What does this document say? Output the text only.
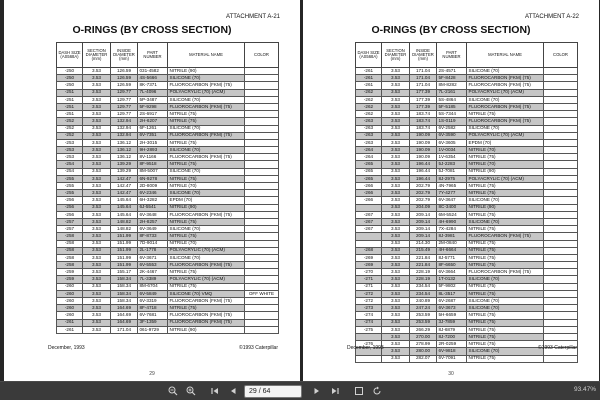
ATTACHMENT A-21
O-RINGS (BY CROSS SECTION)
DASH SIZE (AS568A)	SECTION DIAMETER (mm)	INSIDE DIAMETER (mm)	PART NUMBER	MATERIAL NAME	COLOR
-250	3.53	126.59	031-4582	NITRILE (90)	
-250	3.53	126.59	4S-5666	SILICONE (70)	
-250	3.53	126.59	8K-7371	FLUOROCARBON (FKM) (75)	
-251	3.53	129.77	7L-4096	POLYACRYLIC (70) (ACM)	
-251	3.53	129.77	5P-3487	SILICONE (70)	
-251	3.53	129.77	5F-9298	FLUOROCARBON (FKM) (75)	
-251	3.53	129.77	2S-6917	NITRILE (75)	
-252	3.53	132.94	2H-6207	NITRILE (75)	
-252	3.53	132.94	6F-1261	SILICONE (70)	
-252	3.53	132.94	6V-7351	FLUOROCARBON (FKM) (75)	
-253	3.53	136.12	2H-3015	NITRILE (75)	
-253	3.53	136.12	9H-2893	SILICONE (70)	
-253	3.53	136.12	8V-1166	FLUOROCARBON (FKM) (75)	
-254	3.53	139.29	8F-9518	NITRILE (75)	
-254	3.53	139.29	8M-5007	SILICONE (70)	
-255	3.53	142.47	6N-9278	NITRILE (75)	
-255	3.53	142.47	2D-8009	NITRILE (70)	
-255	3.53	142.47	6V-2346	SILICONE (70)	
-256	3.53	145.64	6H-3282	EPDM (70)	
-256	3.53	145.64	6J-5541	NITRILE (90)	
-256	3.53	145.64	6V-3648	FLUOROCARBON (FKM) (75)	
-257	3.53	148.82	2H-8257	NITRILE (75)	
-257	3.53	148.82	6V-3649	SILICONE (70)	
-258	3.53	151.99	8F-8733	NITRILE (75)	
-258	3.53	151.99	7D-9014	NITRILE (70)	
-258	3.53	151.99	2L-1778	POLYACRYLIC (70) (ACM)	
-258	3.53	151.99	6V-3671	SILICONE (70)	
-258	3.53	151.99	6V-5553	FLUOROCARBON (FKM) (75)	
-259	3.53	155.17	2K-4467	NITRILE (75)	
-259	3.53	158.34	7L-3389	POLYACRYLIC (70) (ACM)	
-260	3.53	158.34	8M-6704	NITRILE (75)	
-260	3.53	158.34	6V-5849	SILICONE (70) VMQ	OFF WHITE
-260	3.53	158.34	6V-3319	FLUOROCARBON (FKM) (75)	
-260	3.53	164.69	8F-4718	NITRILE (75)	
-260	3.53	164.69	6V-7681	FLUOROCARBON (FKM) (75)	
-261	3.53	164.69	3F-1359	FLUOROCARBON (FKM) (75)	
-261	3.53	171.04	061-9729	NITRILE (90)	
December, 1993	©1993 Caterpillar
29
ATTACHMENT A-22
O-RINGS (BY CROSS SECTION)
DASH SIZE (AS568A)	SECTION DIAMETER (mm)	INSIDE DIAMETER (mm)	PART NUMBER	MATERIAL NAME	COLOR
-261	3.53	171.04	2S-4571	SILICONE (70)	
-261	3.53	171.04	5F-8428	FLUOROCARBON (FKM) (75)	
-261	3.53	171.04	8M-8282	FLUOROCARBON (FKM) (75)	
-262	3.53	177.39	7L-2161	POLYACRYLIC (70) (ACM)	
-262	3.53	177.39	5S-4864	SILICONE (70)	
-262	3.53	177.39	5F-5185	FLUOROCARBON (FKM) (75)	
-262	3.53	183.74	5S-7344	NITRILE (75)	
-263	3.53	183.74	1S-0119	FLUOROCARBON (FKM) (75)	
-263	3.53	183.74	6V-2582	SILICONE (70)	
-263	3.53	190.09	6V-3590	POLYACRYLIC (70) (ACM)	
-263	3.53	190.09	6V-3605	EPDM (70)	
-264	3.53	190.09	1V-0034	NITRILE (70)	
-264	3.53	190.09	1V-6354	NITRILE (75)	
-265	3.53	196.44	5J-2283	NITRILE (70)	
-265	3.53	196.44	5J-7081	NITRILE (90)	
-265	3.53	196.44	8J-2975	POLYACRYLIC (70) (ACM)	
-266	3.53	202.79	4N-7965	NITRILE (75)	
-266	3.53	202.79	7Y-4277	NITRILE (75)	
-266	3.53	202.79	6V-3647	SILICONE (70)	
	3.53	204.09	8C-3400	NITRILE (90)	
-267	3.53	209.14	6M-5524	NITRILE (75)	
-267	3.53	209.14	4H-6990	SILICONE (70)	
-267	3.53	209.14	7X-4284	NITRILE (75)	
	3.53	209.14	8J-3981	FLUOROCARBON (FKM) (75)	
	3.53	214.30	2M-0840	NITRILE (75)	
-268	3.53	215.49	4H-6664	NITRILE (75)	
-269	3.53	221.84	8J-5771	NITRILE (75)	
-269	3.53	221.84	8F-6650	NITRILE (75)	
-270	3.53	228.19	6V-3664	FLUOROCARBON (FKM) (75)	
-271	3.53	228.19	1T-0132	SILICONE (70)	
-271	3.53	234.54	5F-9802	NITRILE (75)	
-272	3.53	234.54	8L-3517	NITRILE (75)	
-272	3.53	240.89	6V-2687	SILICONE (70)	
-273	3.53	247.24	6V-3673	SILICONE (70)	
-274	3.53	253.59	5H-6659	NITRILE (75)	
-274	3.53	253.59	3J-7859	NITRILE (75)	
-275	3.53	266.29	8J-6879	NITRILE (75)	
	3.53	270.00	8J-7200	NITRILE (75)	
-276	3.53	278.99	2R-0259	NITRILE (75)	
	3.53	280.00	6V-9818	SILICONE (70)	
	3.53	282.07	6V-7091	NITRILE (75)	
December, 1993	©1993 Caterpillar
30
29 / 64	93.47%
